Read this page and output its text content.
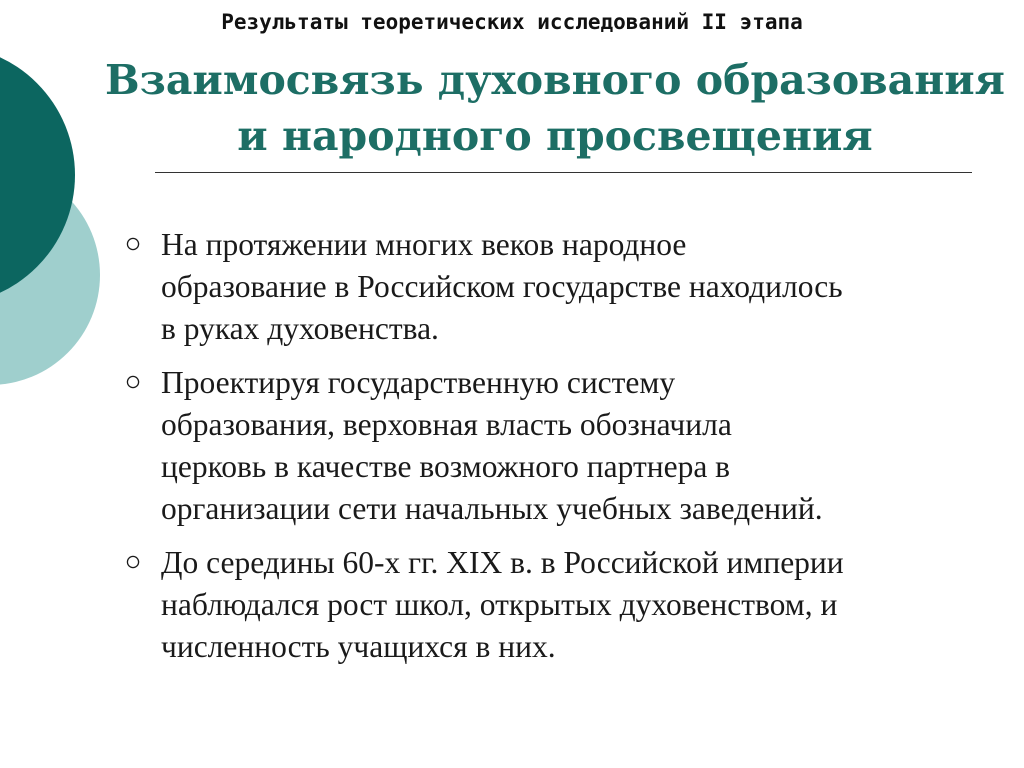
Результаты теоретических исследований II этапа
Взаимосвязь духовного образования
и народного просвещения
На протяжении многих веков народное
образование в Российском государстве находилось
в руках духовенства.
Проектируя государственную систему
образования, верховная власть обозначила
церковь в качестве возможного партнера в
организации сети начальных учебных заведений.
До середины 60-х гг. XIX в. в Российской империи
наблюдался рост школ, открытых духовенством, и
численность учащихся в них.
